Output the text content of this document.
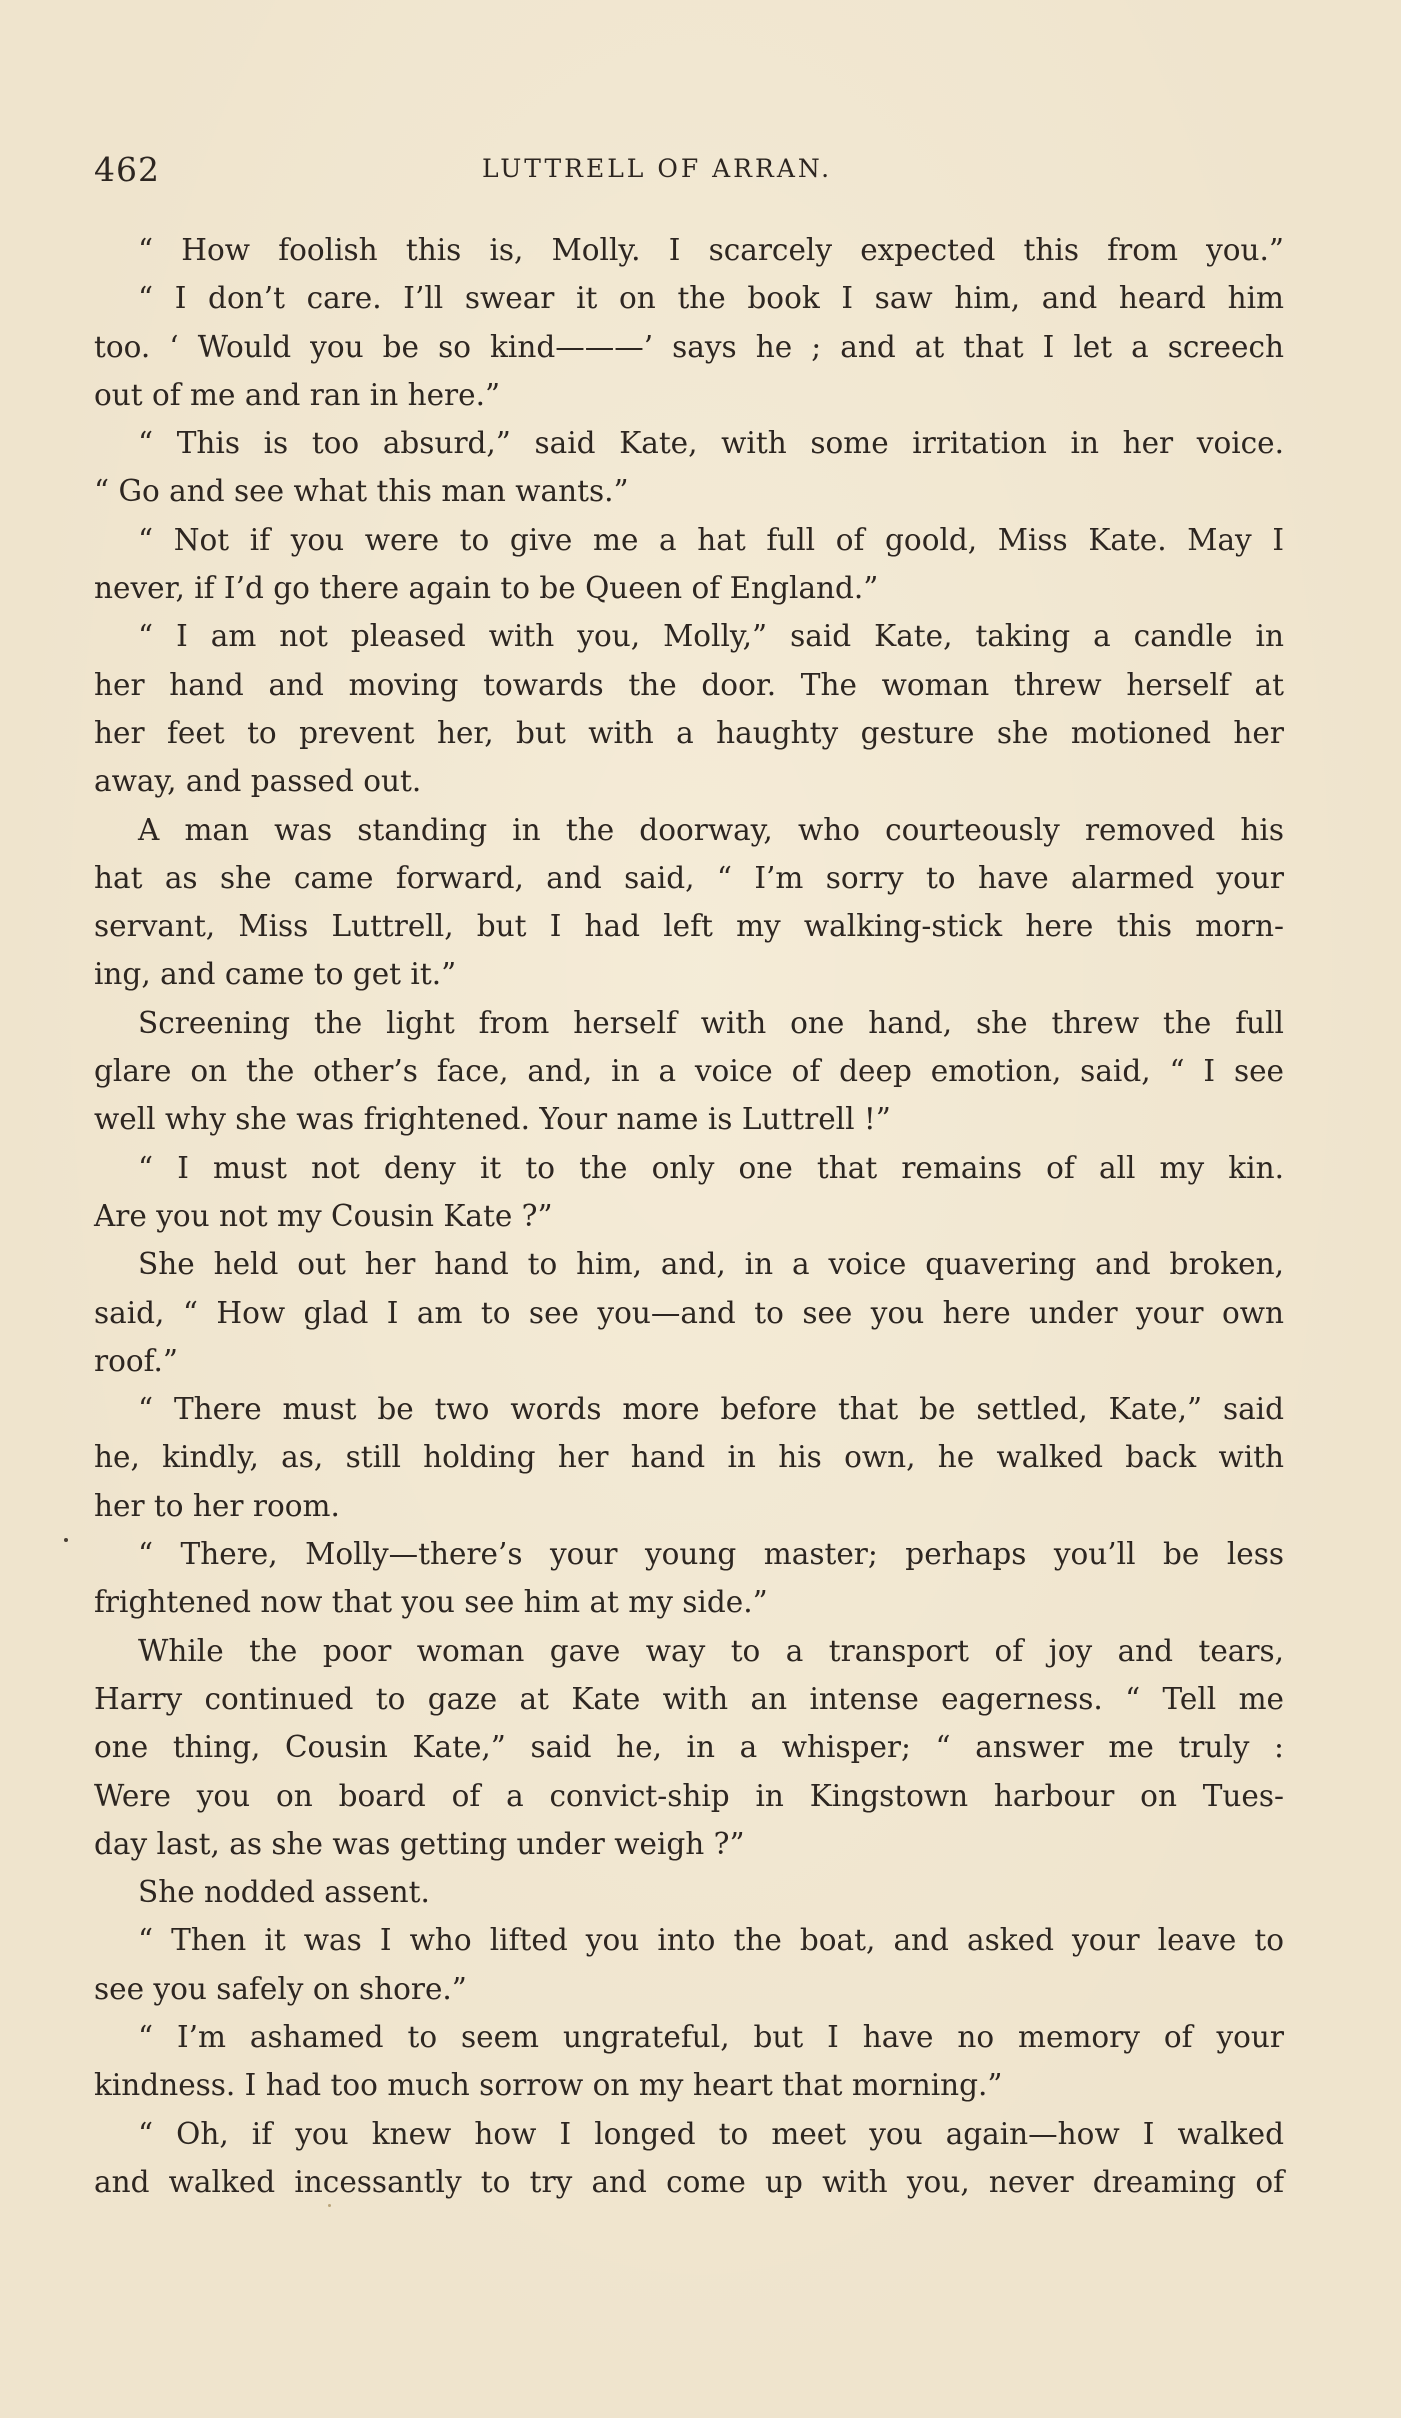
462	LUTTRELL OF ARRAN.
“ How foolish this is, Molly. I scarcely expected this from you.”
“ I don’t care. I’ll swear it on the book I saw him, and heard him
too. ‘ Would you be so kind———’ says he ; and at that I let a screech
out of me and ran in here.”
“ This is too absurd,” said Kate, with some irritation in her voice.
“ Go and see what this man wants.”
“ Not if you were to give me a hat full of goold, Miss Kate. May I
never, if I’d go there again to be Queen of England.”
“ I am not pleased with you, Molly,” said Kate, taking a candle in
her hand and moving towards the door. The woman threw herself at
her feet to prevent her, but with a haughty gesture she motioned her
away, and passed out.
A man was standing in the doorway, who courteously removed his
hat as she came forward, and said, “ I’m sorry to have alarmed your
servant, Miss Luttrell, but I had left my walking-stick here this morn-
ing, and came to get it.”
Screening the light from herself with one hand, she threw the full
glare on the other’s face, and, in a voice of deep emotion, said, “ I see
well why she was frightened. Your name is Luttrell !”
“ I must not deny it to the only one that remains of all my kin.
Are you not my Cousin Kate ?”
She held out her hand to him, and, in a voice quavering and broken,
said, “ How glad I am to see you—and to see you here under your own
roof.”
“ There must be two words more before that be settled, Kate,” said
he, kindly, as, still holding her hand in his own, he walked back with
her to her room.
“ There, Molly—there’s your young master; perhaps you’ll be less
frightened now that you see him at my side.”
While the poor woman gave way to a transport of joy and tears,
Harry continued to gaze at Kate with an intense eagerness. “ Tell me
one thing, Cousin Kate,” said he, in a whisper; “ answer me truly :
Were you on board of a convict-ship in Kingstown harbour on Tues-
day last, as she was getting under weigh ?”
She nodded assent.
“ Then it was I who lifted you into the boat, and asked your leave to
see you safely on shore.”
“ I’m ashamed to seem ungrateful, but I have no memory of your
kindness. I had too much sorrow on my heart that morning.”
“ Oh, if you knew how I longed to meet you again—how I walked
and walked incessantly to try and come up with you, never dreaming of
